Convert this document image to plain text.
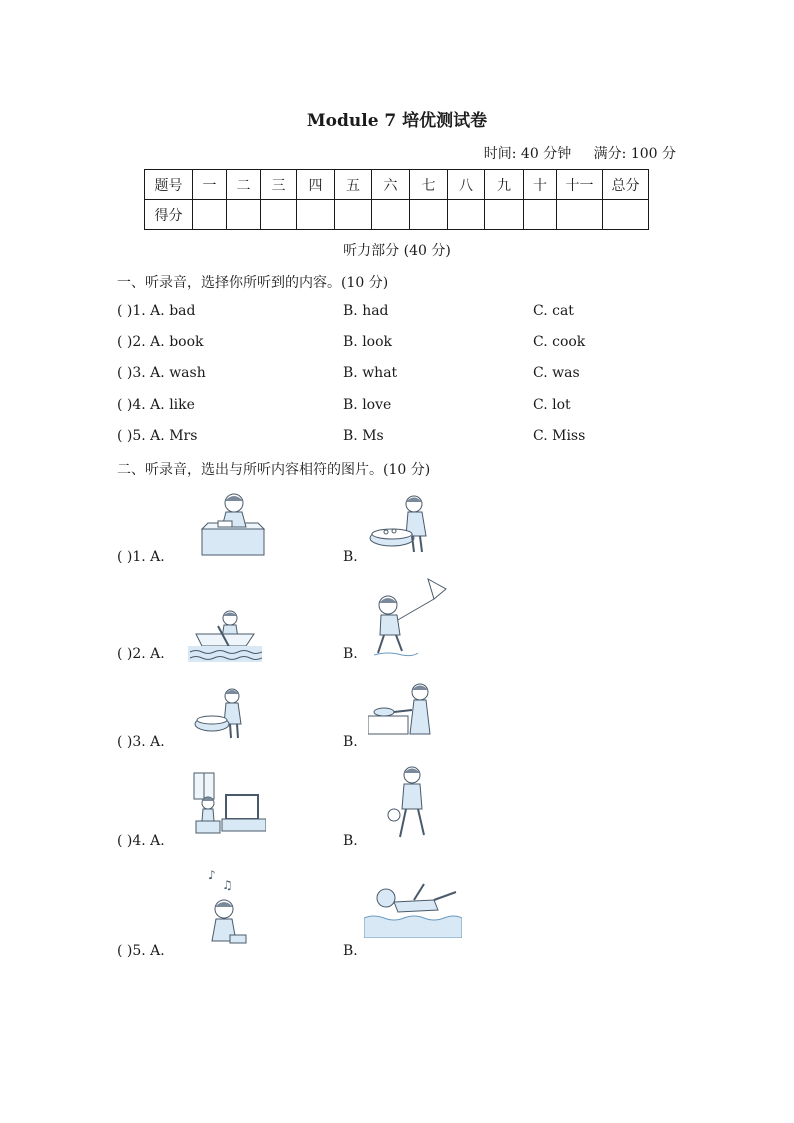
Module 7 培优测试卷
时间: 40 分钟 满分: 100 分
题号	一	二	三	四	五	六	七	八	九	十	十一	总分
得分												
听力部分 (40 分)
一、听录音，选择你所听到的内容。(10 分)
( )1. A. bad	B. had	C. cat
( )2. A. book	B. look	C. cook
( )3. A. wash	B. what	C. was
( )4. A. like	B. love	C. lot
( )5. A. Mrs	B. Ms	C. Miss
二、听录音，选出与所听内容相符的图片。(10 分)
( )1. A.	B.
( )2. A.	B.
( )3. A.	B.
( )4. A.	B.
♪
♫
( )5. A.	B.
